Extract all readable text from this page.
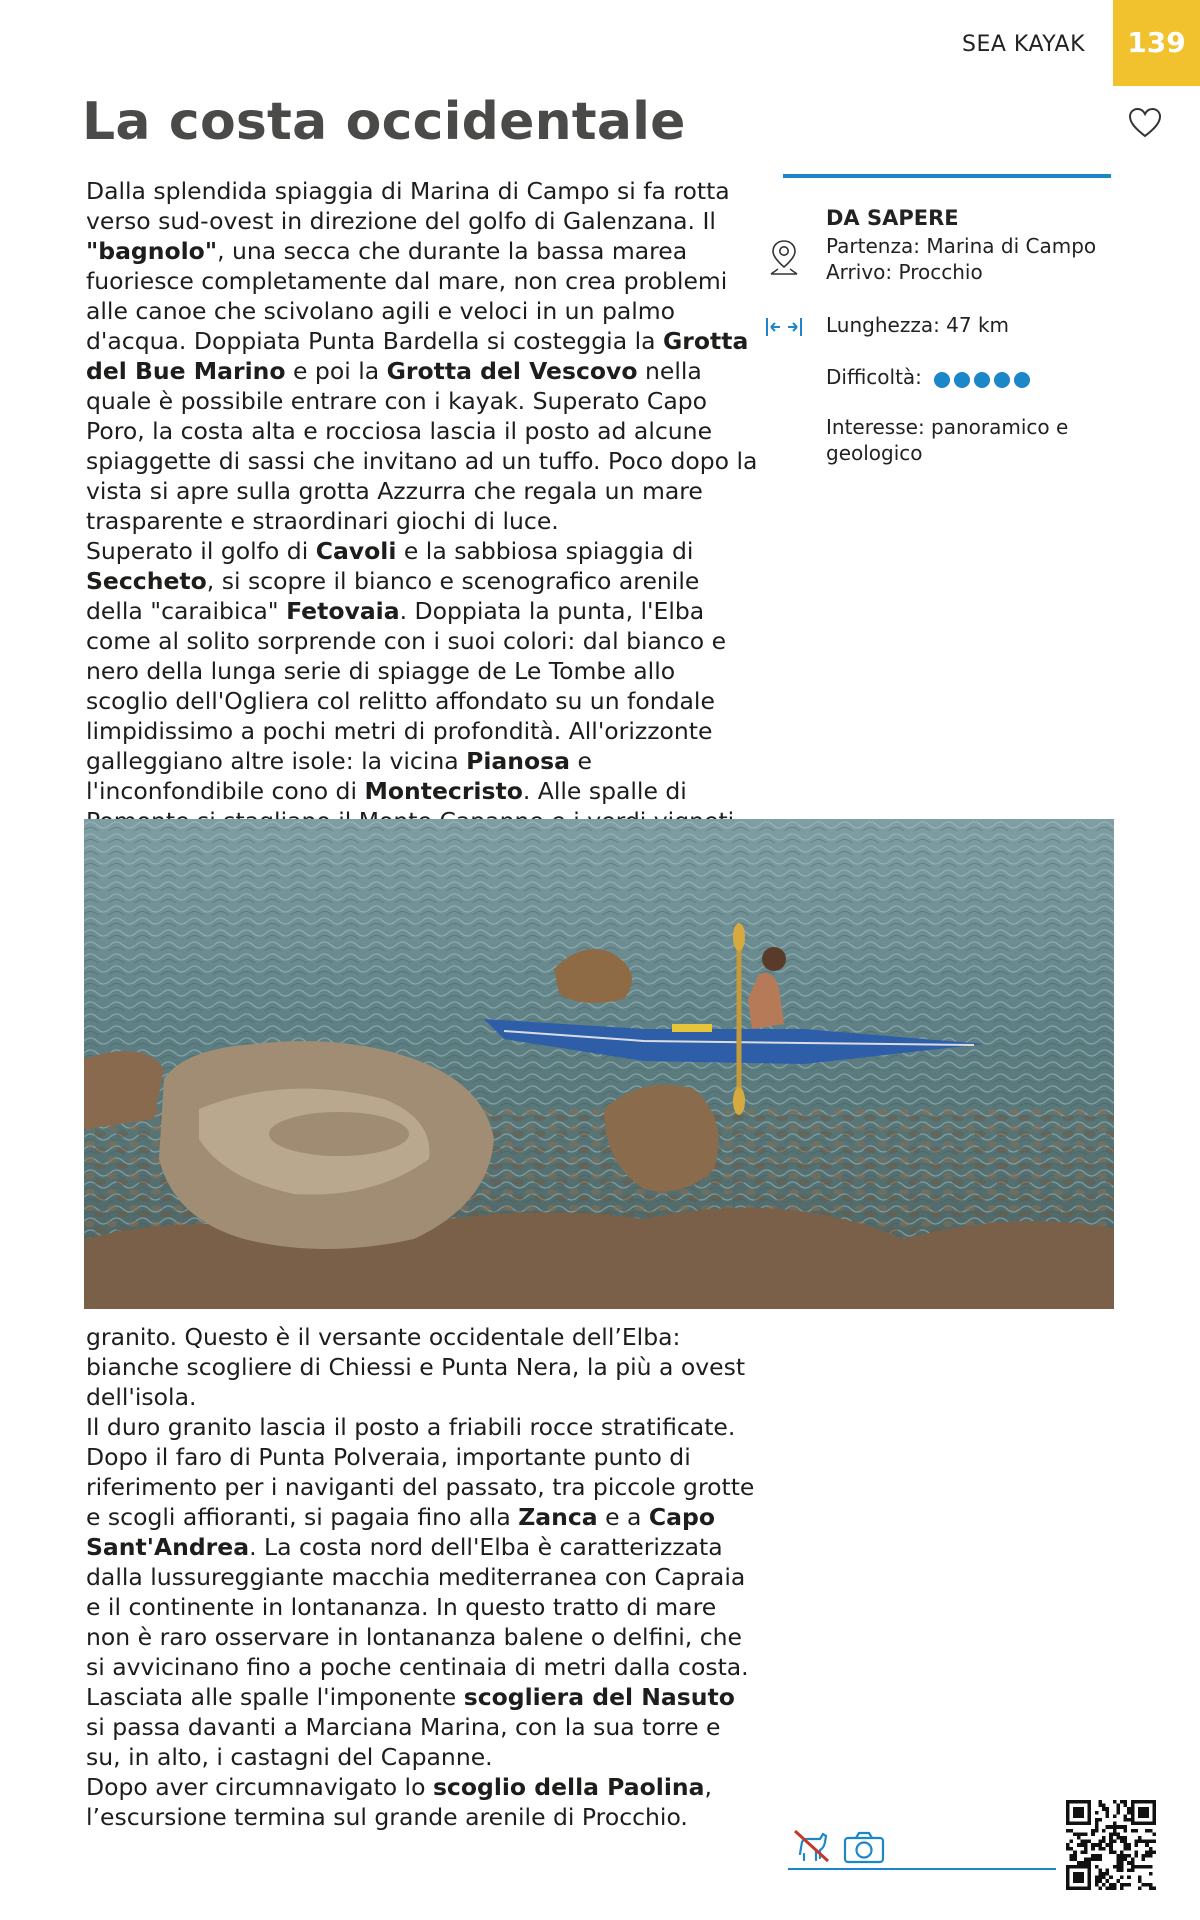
SEA KAYAK	139
La costa occidentale
Dalla splendida spiaggia di Marina di Campo si fa rotta verso sud-ovest in direzione del golfo di Galenzana. Il "bagnolo", una secca che durante la bassa marea fuoriesce completamente dal mare, non crea problemi alle canoe che scivolano agili e veloci in un palmo d'acqua. Doppiata Punta Bardella si costeggia la Grotta del Bue Marino e poi la Grotta del Vescovo nella quale è possibile entrare con i kayak. Superato Capo Poro, la costa alta e rocciosa lascia il posto ad alcune spiaggette di sassi che invitano ad un tuffo. Poco dopo la vista si apre sulla grotta Azzurra che regala un mare trasparente e straordinari giochi di luce.
Superato il golfo di Cavoli e la sabbiosa spiaggia di Seccheto, si scopre il bianco e scenografico arenile della "caraibica" Fetovaia. Doppiata la punta, l'Elba come al solito sorprende con i suoi colori: dal bianco e nero della lunga serie di spiagge de Le Tombe allo scoglio dell'Ogliera col relitto affondato su un fondale limpidissimo a pochi metri di profondità. All'orizzonte galleggiano altre isole: la vicina Pianosa e l'inconfondibile cono di Montecristo. Alle spalle di
DA SAPERE
Partenza: Marina di Campo
Arrivo: Procchio
Lunghezza: 47 km
Difficoltà:
Interesse: panoramico e
geologico
granito. Questo è il versante occidentale dell’Elba: bianche scogliere di Chiessi e Punta Nera, la più a ovest dell'isola.
Il duro granito lascia il posto a friabili rocce stratificate.
Dopo il faro di Punta Polveraia, importante punto di riferimento per i naviganti del passato, tra piccole grotte e scogli affioranti, si pagaia fino alla Zanca e a Capo Sant'Andrea. La costa nord dell'Elba è caratterizzata dalla lussureggiante macchia mediterranea con Capraia e il continente in lontananza. In questo tratto di mare non è raro osservare in lontananza balene o delfini, che si avvicinano fino a poche centinaia di metri dalla costa. Lasciata alle spalle l'imponente scogliera del Nasuto si passa davanti a Marciana Marina, con la sua torre e su, in alto, i castagni del Capanne.
Dopo aver circumnavigato lo scoglio della Paolina, l’escursione termina sul grande arenile di Procchio.
